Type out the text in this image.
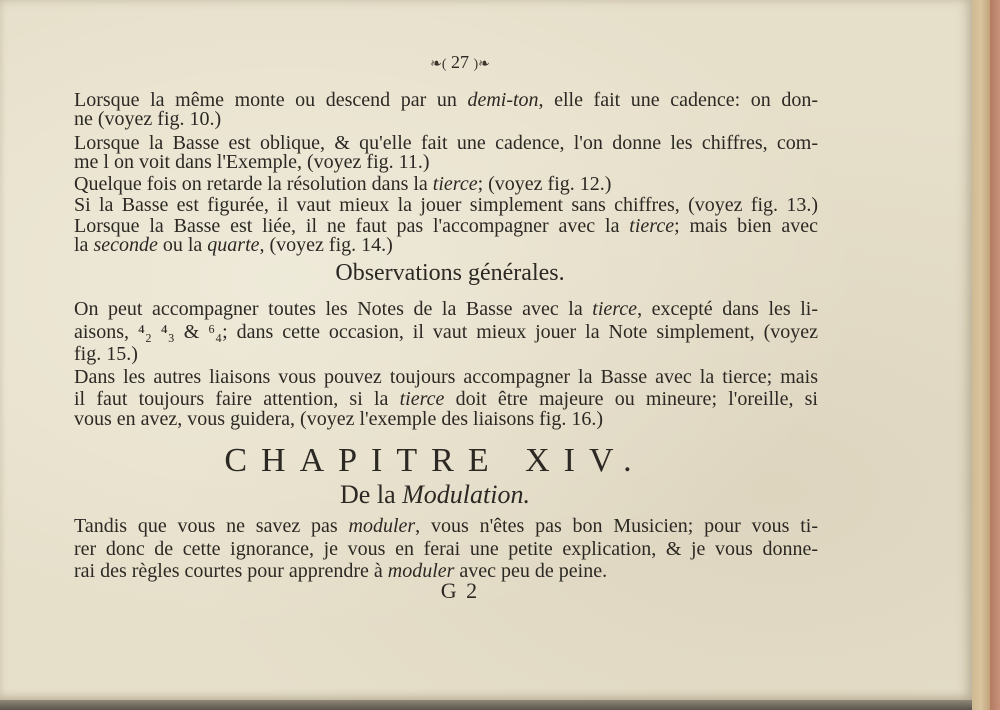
❧( 27 )❧

Lorsque la même monte ou descend par un demi-ton, elle fait une cadence: on don-

ne (voyez fig. 10.)

Lorsque la Basse est oblique, & qu'elle fait une cadence, l'on donne les chiffres, com-

me l on voit dans l'Exemple, (voyez fig. 11.)

Quelque fois on retarde la résolution dans la tierce; (voyez fig. 12.)

Si la Basse est figurée, il vaut mieux la jouer simplement sans chiffres, (voyez fig. 13.)

Lorsque la Basse est liée, il ne faut pas l'accompagner avec la tierce; mais bien avec

la seconde ou la quarte, (voyez fig. 14.)

Observations générales.

On peut accompagner toutes les Notes de la Basse avec la tierce, excepté dans les li-

aisons, ⁴₂ ⁴₃ & ⁶₄; dans cette occasion, il vaut mieux jouer la Note simplement, (voyez

fig. 15.)

Dans les autres liaisons vous pouvez toujours accompagner la Basse avec la tierce; mais

il faut toujours faire attention, si la tierce doit être majeure ou mineure; l'oreille, si

vous en avez, vous guidera, (voyez l'exemple des liaisons fig. 16.)

CHAPITRE XIV.
De la Modulation.

Tandis que vous ne savez pas moduler, vous n'êtes pas bon Musicien; pour vous ti-

rer donc de cette ignorance, je vous en ferai une petite explication, & je vous donne-

rai des règles courtes pour apprendre à moduler avec peu de peine.

G 2
